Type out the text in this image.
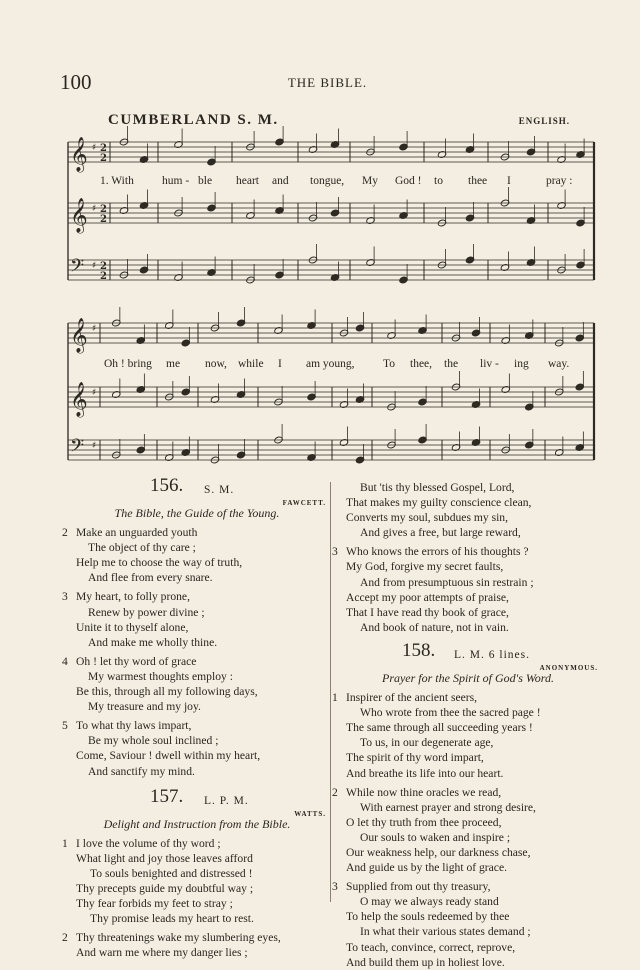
100	THE BIBLE.
CUMBERLAND S. M.	ENGLISH.
𝄞 ♯ 2
2
𝄞 ♯ 2
2
𝄢 ♯ 2
2
𝄞 ♯
𝄞 ♯
𝄢 ♯
1. With hum - ble heart and tongue, My God ! to thee I	pray :
Oh ! bring me now, while I am young, To thee, the liv - ing way.
156. S. M.
FAWCETT.
The Bible, the Guide of the Young.
2 Make an unguarded youth
The object of thy care ;
Help me to choose the way of truth,
And flee from every snare.
3 My heart, to folly prone,
Renew by power divine ;
Unite it to thyself alone,
And make me wholly thine.
4 Oh ! let thy word of grace
My warmest thoughts employ :
Be this, through all my following days,
My treasure and my joy.
5 To what thy laws impart,
Be my whole soul inclined ;
Come, Saviour ! dwell within my heart,
And sanctify my mind.
157. L. P. M.
WATTS.
Delight and Instruction from the Bible.
1 I love the volume of thy word ;
What light and joy those leaves afford
To souls benighted and distressed !
Thy precepts guide my doubtful way ;
Thy fear forbids my feet to stray ;
Thy promise leads my heart to rest.
2 Thy threatenings wake my slumbering eyes,
And warn me where my danger lies ;
But 'tis thy blessed Gospel, Lord,
That makes my guilty conscience clean,
Converts my soul, subdues my sin,
And gives a free, but large reward,
3 Who knows the errors of his thoughts ?
My God, forgive my secret faults,
And from presumptuous sin restrain ;
Accept my poor attempts of praise,
That I have read thy book of grace,
And book of nature, not in vain.
158. L. M. 6 lines.
ANONYMOUS.
Prayer for the Spirit of God's Word.
1 Inspirer of the ancient seers,
Who wrote from thee the sacred page !
The same through all succeeding years !
To us, in our degenerate age,
The spirit of thy word impart,
And breathe its life into our heart.
2 While now thine oracles we read,
With earnest prayer and strong desire,
O let thy truth from thee proceed,
Our souls to waken and inspire ;
Our weakness help, our darkness chase,
And guide us by the light of grace.
3 Supplied from out thy treasury,
O may we always ready stand
To help the souls redeemed by thee
In what their various states demand ;
To teach, convince, correct, reprove,
And build them up in holiest love.
